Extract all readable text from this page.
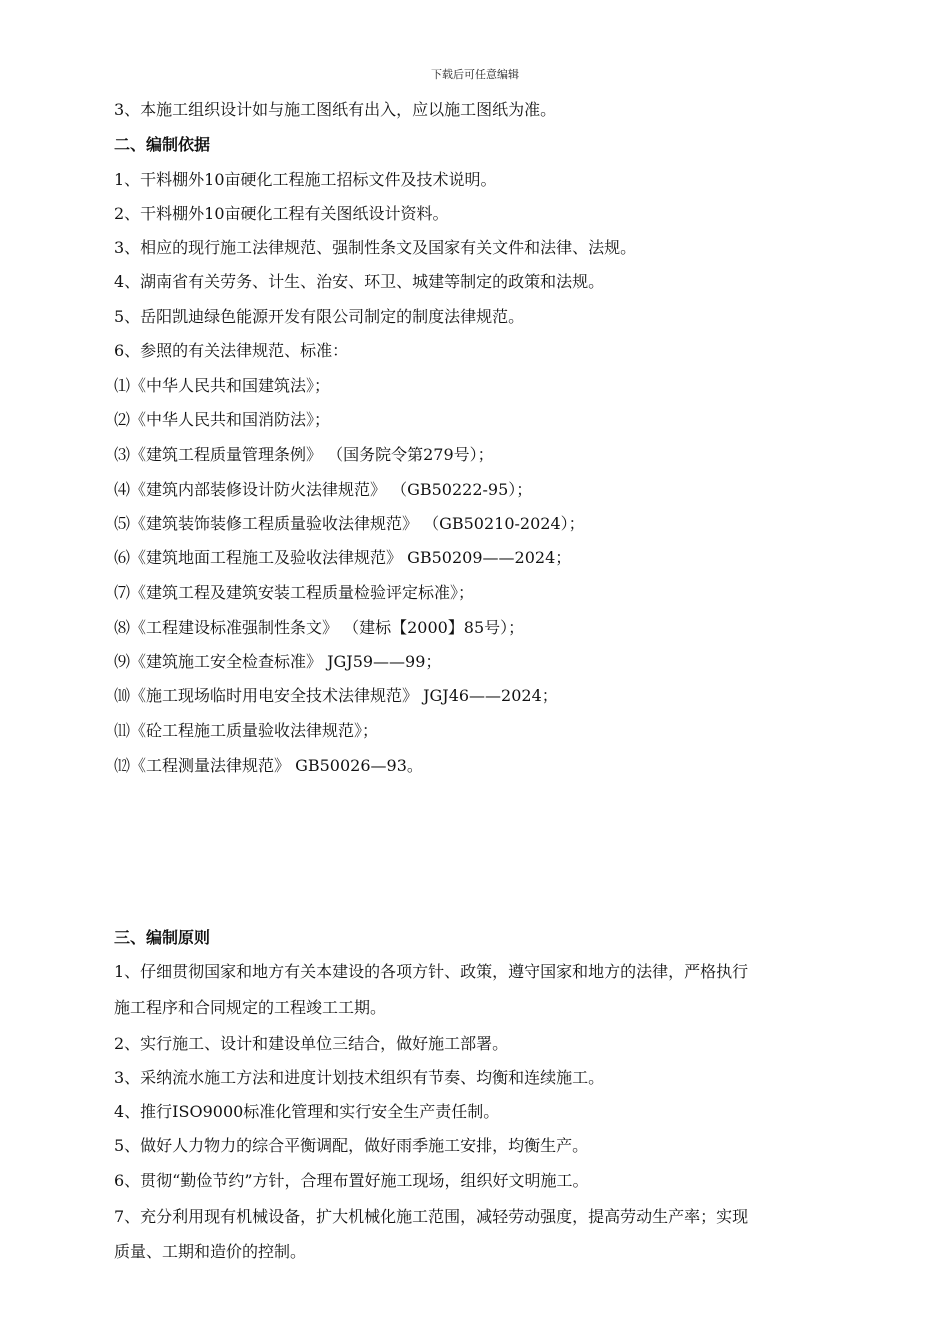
下载后可任意编辑
3、本施工组织设计如与施工图纸有出入，应以施工图纸为准。
二、编制依据
1、干料棚外10亩硬化工程施工招标文件及技术说明。
2、干料棚外10亩硬化工程有关图纸设计资料。
3、相应的现行施工法律规范、强制性条文及国家有关文件和法律、法规。
4、湖南省有关劳务、计生、治安、环卫、城建等制定的政策和法规。
5、岳阳凯迪绿色能源开发有限公司制定的制度法律规范。
6、参照的有关法律规范、标准：
⑴《中华人民共和国建筑法》；
⑵《中华人民共和国消防法》；
⑶《建筑工程质量管理条例》 （国务院令第279号）；
⑷《建筑内部装修设计防火法律规范》 （GB50222-95）；
⑸《建筑装饰装修工程质量验收法律规范》 （GB50210-2024）；
⑹《建筑地面工程施工及验收法律规范》 GB50209——2024；
⑺《建筑工程及建筑安装工程质量检验评定标准》；
⑻《工程建设标准强制性条文》 （建标【2000】85号）；
⑼《建筑施工安全检查标准》 JGJ59——99；
⑽《施工现场临时用电安全技术法律规范》 JGJ46——2024；
⑾《砼工程施工质量验收法律规范》；
⑿《工程测量法律规范》 GB50026—93。
三、编制原则
1、仔细贯彻国家和地方有关本建设的各项方针、政策，遵守国家和地方的法律，严格执行
施工程序和合同规定的工程竣工工期。
2、实行施工、设计和建设单位三结合，做好施工部署。
3、采纳流水施工方法和进度计划技术组织有节奏、均衡和连续施工。
4、推行ISO9000标准化管理和实行安全生产责任制。
5、做好人力物力的综合平衡调配，做好雨季施工安排，均衡生产。
6、贯彻“勤俭节约”方针，合理布置好施工现场，组织好文明施工。
7、充分利用现有机械设备，扩大机械化施工范围，减轻劳动强度，提高劳动生产率；实现
质量、工期和造价的控制。
